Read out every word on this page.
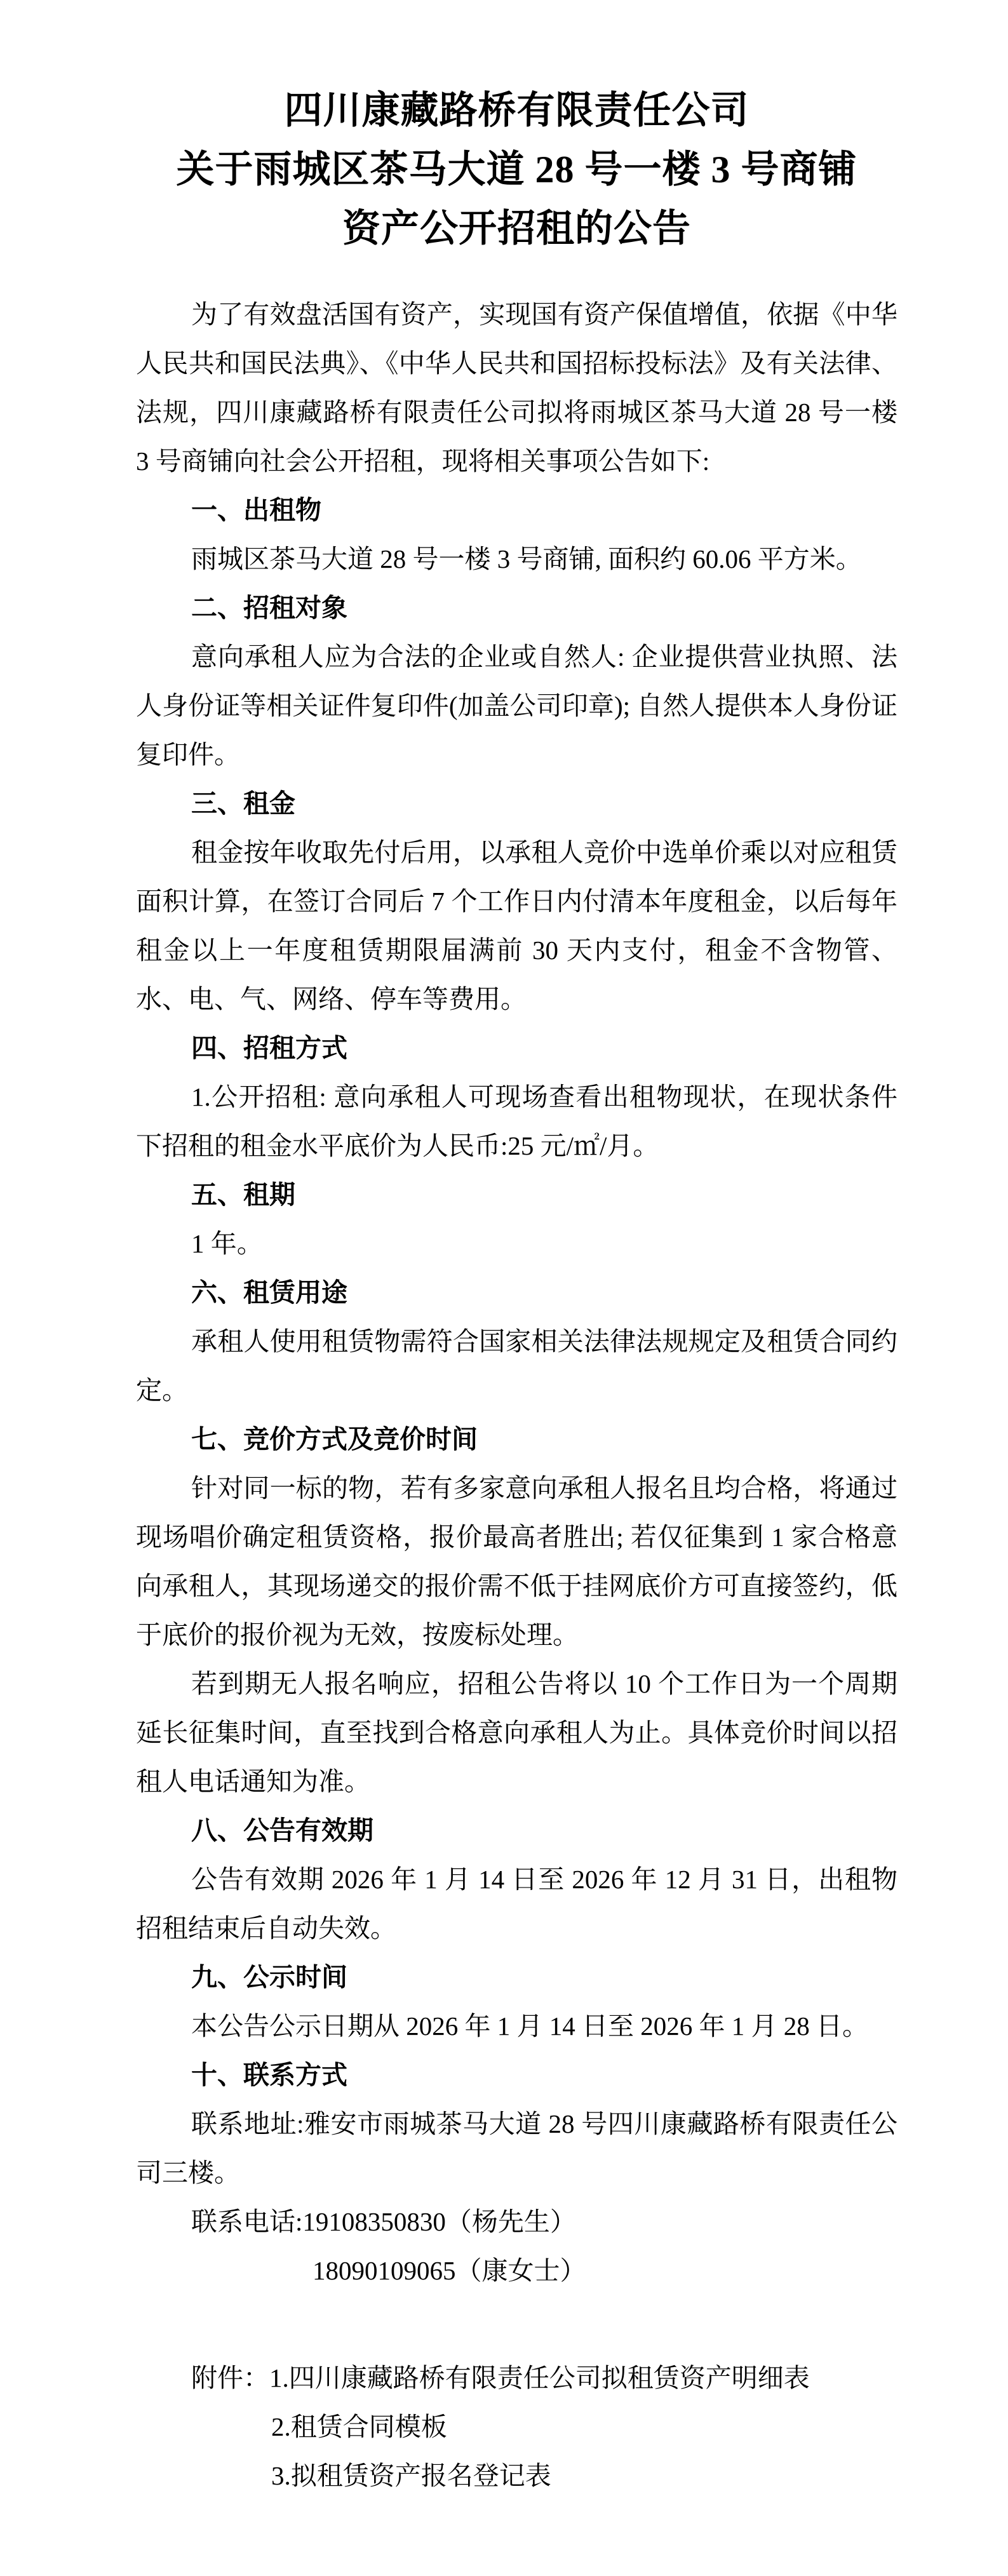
四川康藏路桥有限责任公司
关于雨城区茶马大道 28 号一楼 3 号商铺
资产公开招租的公告

为了有效盘活国有资产，实现国有资产保值增值，依据《中华人民共和国民法典》、《中华人民共和国招标投标法》及有关法律、法规，四川康藏路桥有限责任公司拟将雨城区茶马大道 28 号一楼 3 号商铺向社会公开招租，现将相关事项公告如下:

一、出租物

雨城区茶马大道 28 号一楼 3 号商铺, 面积约 60.06 平方米。

二、招租对象

意向承租人应为合法的企业或自然人: 企业提供营业执照、法人身份证等相关证件复印件(加盖公司印章); 自然人提供本人身份证复印件。

三、租金

租金按年收取先付后用，以承租人竞价中选单价乘以对应租赁面积计算，在签订合同后 7 个工作日内付清本年度租金，以后每年租金以上一年度租赁期限届满前 30 天内支付，租金不含物管、水、电、气、网络、停车等费用。

四、招租方式

1.公开招租: 意向承租人可现场查看出租物现状，在现状条件下招租的租金水平底价为人民币:25 元/㎡/月。

五、租期

1 年。

六、租赁用途

承租人使用租赁物需符合国家相关法律法规规定及租赁合同约定。

七、竞价方式及竞价时间

针对同一标的物，若有多家意向承租人报名且均合格，将通过现场唱价确定租赁资格，报价最高者胜出; 若仅征集到 1 家合格意向承租人，其现场递交的报价需不低于挂网底价方可直接签约，低于底价的报价视为无效，按废标处理。

若到期无人报名响应，招租公告将以 10 个工作日为一个周期延长征集时间，直至找到合格意向承租人为止。具体竞价时间以招租人电话通知为准。

八、公告有效期

公告有效期 2026 年 1 月 14 日至 2026 年 12 月 31 日，出租物招租结束后自动失效。

九、公示时间

本公告公示日期从 2026 年 1 月 14 日至 2026 年 1 月 28 日。

十、联系方式

联系地址:雅安市雨城茶马大道 28 号四川康藏路桥有限责任公司三楼。

联系电话:19108350830（杨先生）

18090109065（康女士）

附件：1.四川康藏路桥有限责任公司拟租赁资产明细表

2.租赁合同模板

3.拟租赁资产报名登记表
